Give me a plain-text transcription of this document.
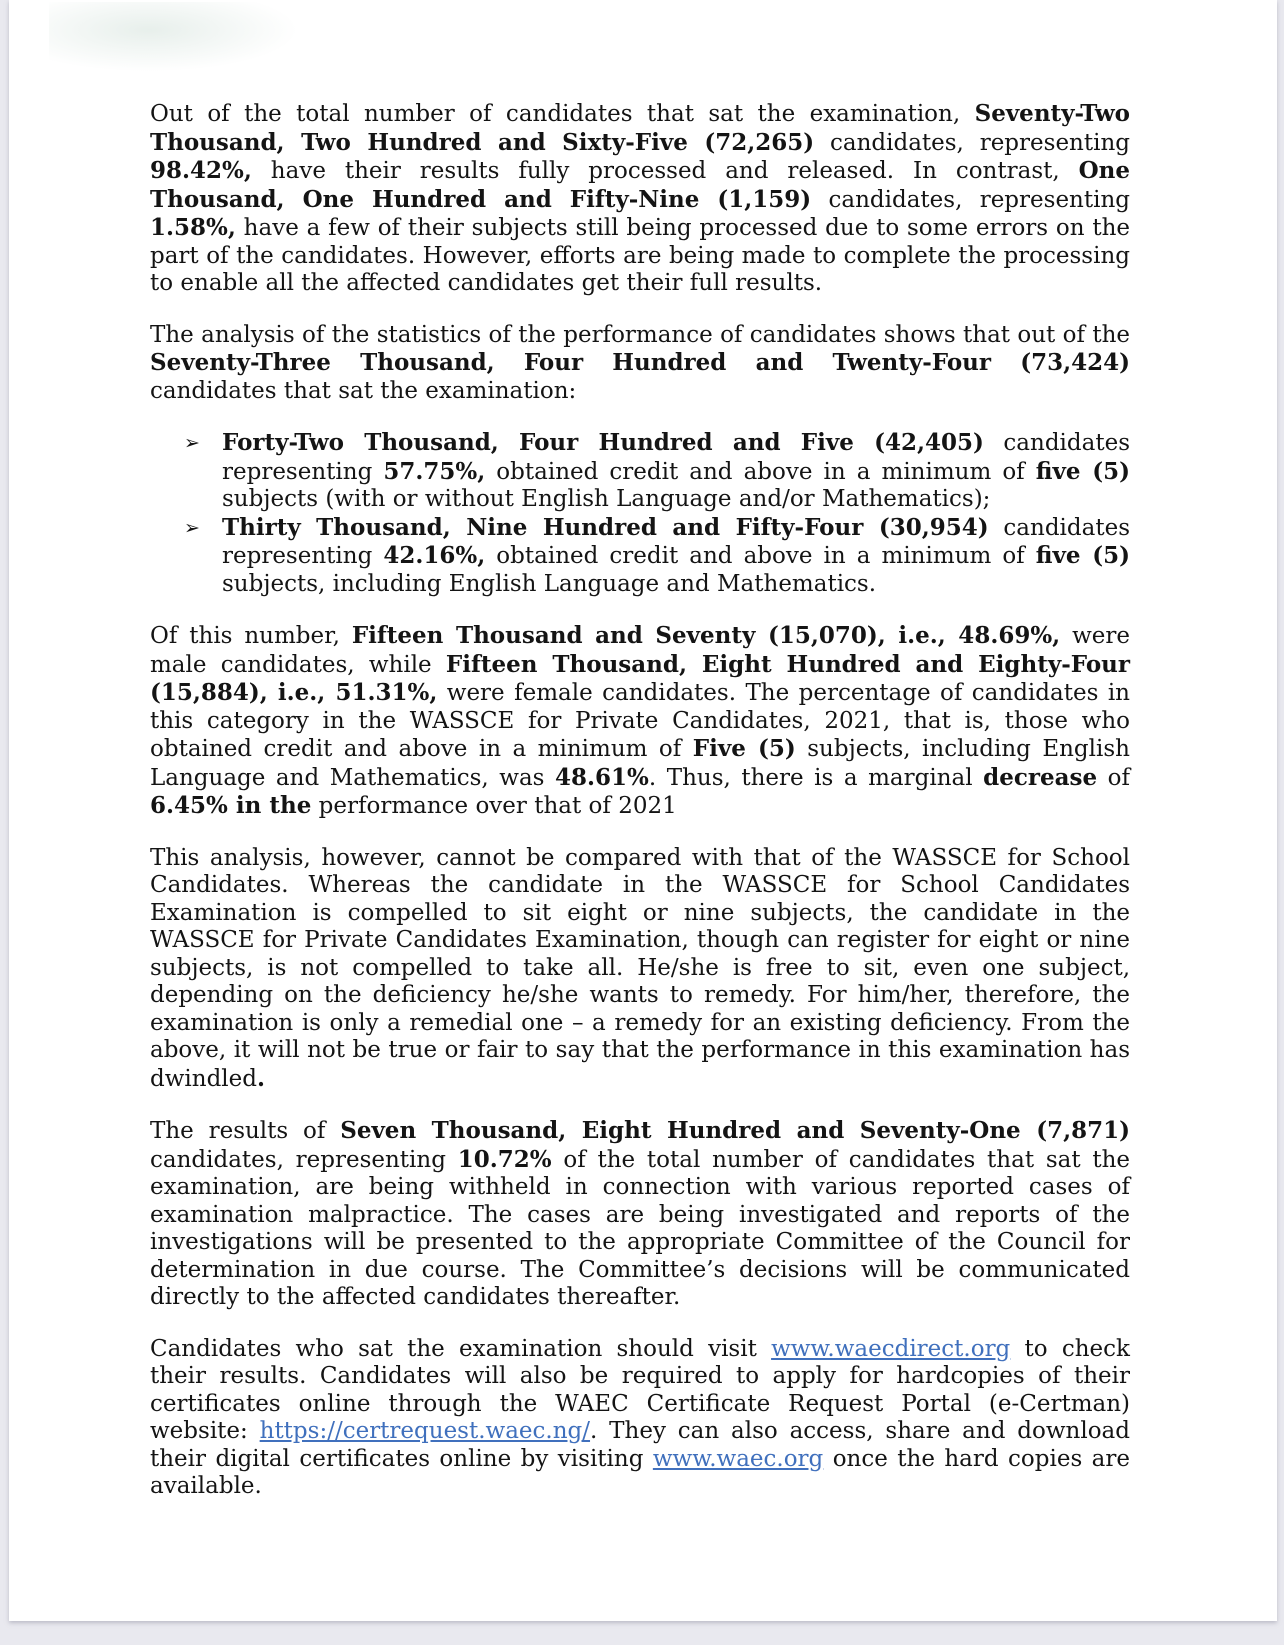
Out of the total number of candidates that sat the examination, Seventy-Two Thousand, Two Hundred and Sixty-Five (72,265) candidates, representing 98.42%, have their results fully processed and released. In contrast, One Thousand, One Hundred and Fifty-Nine (1,159) candidates, representing 1.58%, have a few of their subjects still being processed due to some errors on the part of the candidates. However, efforts are being made to complete the processing to enable all the affected candidates get their full results.

The analysis of the statistics of the performance of candidates shows that out of the Seventy-Three Thousand, Four Hundred and Twenty-Four (73,424) candidates that sat the examination:

➢ Forty-Two Thousand, Four Hundred and Five (42,405) candidates representing 57.75%, obtained credit and above in a minimum of five (5) subjects (with or without English Language and/or Mathematics);
➢ Thirty Thousand, Nine Hundred and Fifty-Four (30,954) candidates representing 42.16%, obtained credit and above in a minimum of five (5) subjects, including English Language and Mathematics.

Of this number, Fifteen Thousand and Seventy (15,070), i.e., 48.69%, were male candidates, while Fifteen Thousand, Eight Hundred and Eighty-Four (15,884), i.e., 51.31%, were female candidates. The percentage of candidates in this category in the WASSCE for Private Candidates, 2021, that is, those who obtained credit and above in a minimum of Five (5) subjects, including English Language and Mathematics, was 48.61%. Thus, there is a marginal decrease of 6.45% in the performance over that of 2021

This analysis, however, cannot be compared with that of the WASSCE for School Candidates. Whereas the candidate in the WASSCE for School Candidates Examination is compelled to sit eight or nine subjects, the candidate in the WASSCE for Private Candidates Examination, though can register for eight or nine subjects, is not compelled to take all. He/she is free to sit, even one subject, depending on the deficiency he/she wants to remedy. For him/her, therefore, the examination is only a remedial one – a remedy for an existing deficiency. From the above, it will not be true or fair to say that the performance in this examination has dwindled.

The results of Seven Thousand, Eight Hundred and Seventy-One (7,871) candidates, representing 10.72% of the total number of candidates that sat the examination, are being withheld in connection with various reported cases of examination malpractice. The cases are being investigated and reports of the investigations will be presented to the appropriate Committee of the Council for determination in due course. The Committee’s decisions will be communicated directly to the affected candidates thereafter.

Candidates who sat the examination should visit www.waecdirect.org to check their results. Candidates will also be required to apply for hardcopies of their certificates online through the WAEC Certificate Request Portal (e-Certman) website: https://certrequest.waec.ng/. They can also access, share and download their digital certificates online by visiting www.waec.org once the hard copies are available.
